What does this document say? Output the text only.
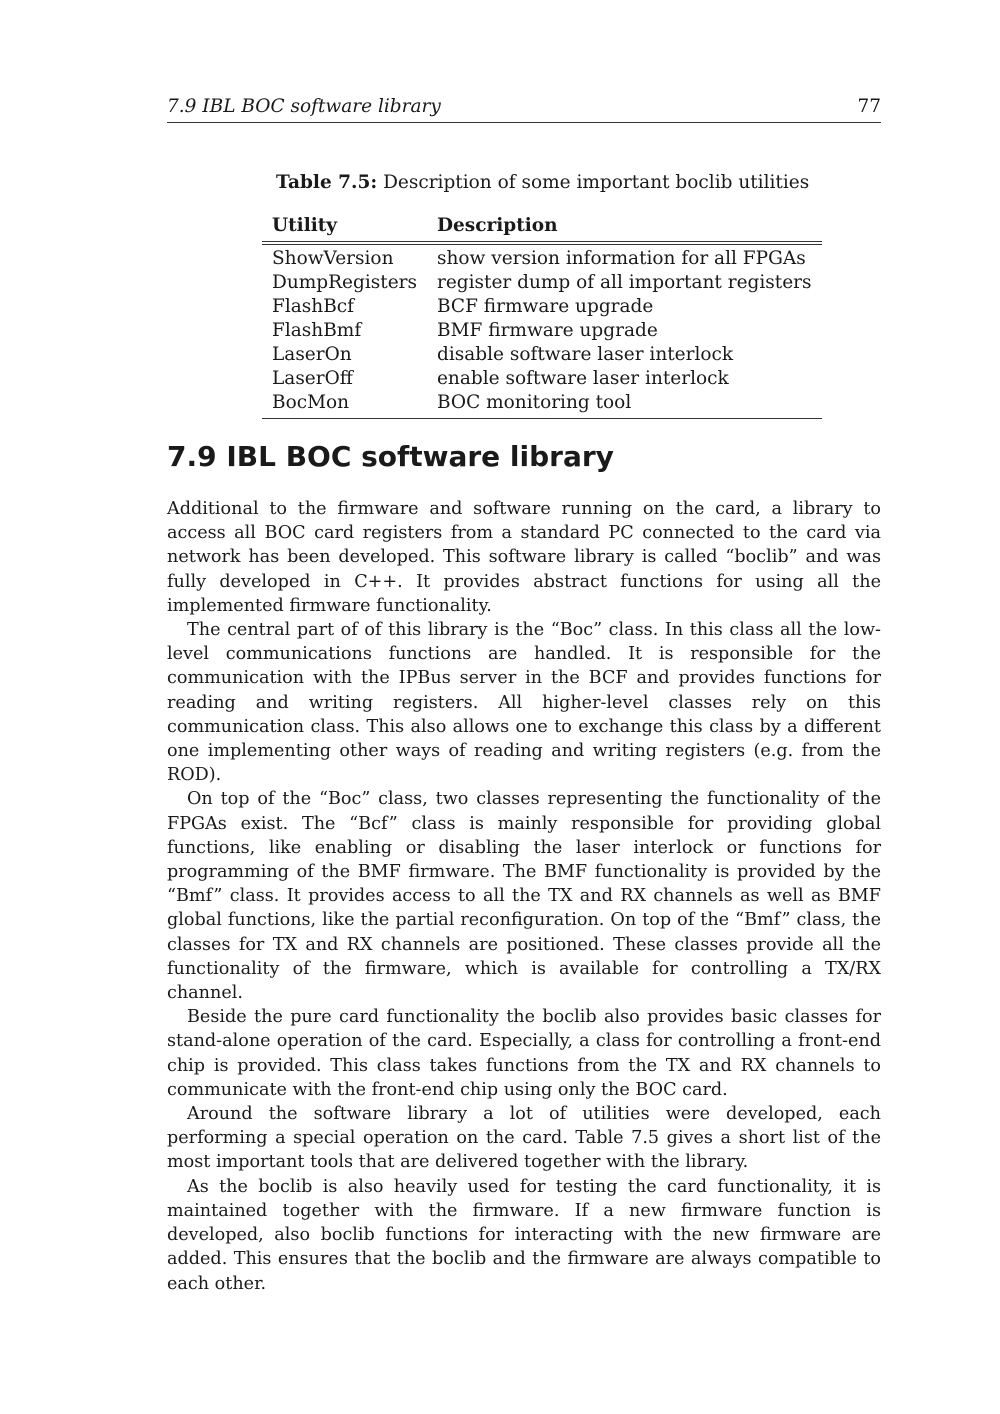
7.9 IBL BOC software library	77
Table 7.5: Description of some important boclib utilities
Utility	Description
ShowVersion	show version information for all FPGAs
DumpRegisters	register dump of all important registers
FlashBcf	BCF firmware upgrade
FlashBmf	BMF firmware upgrade
LaserOn	disable software laser interlock
LaserOff	enable software laser interlock
BocMon	BOC monitoring tool
7.9 IBL BOC software library

Additional to the firmware and software running on the card, a library to access all BOC card registers from a standard PC connected to the card via network has been developed. This software library is called “boclib” and was fully developed in C++. It provides abstract functions for using all the implemented firmware functionality.

The central part of of this library is the “Boc” class. In this class all the low-level communications functions are handled. It is responsible for the communication with the IPBus server in the BCF and provides functions for reading and writing registers. All higher-level classes rely on this communication class. This also allows one to exchange this class by a different one implementing other ways of reading and writing registers (e.g. from the ROD).

On top of the “Boc” class, two classes representing the functionality of the FPGAs exist. The “Bcf” class is mainly responsible for providing global functions, like enabling or disabling the laser interlock or functions for programming of the BMF firmware. The BMF functionality is provided by the “Bmf” class. It provides access to all the TX and RX channels as well as BMF global functions, like the partial reconfiguration. On top of the “Bmf” class, the classes for TX and RX channels are positioned. These classes provide all the functionality of the firmware, which is available for controlling a TX/RX channel.

Beside the pure card functionality the boclib also provides basic classes for stand-alone operation of the card. Especially, a class for controlling a front-end chip is provided. This class takes functions from the TX and RX channels to communicate with the front-end chip using only the BOC card.

Around the software library a lot of utilities were developed, each performing a special operation on the card. Table 7.5 gives a short list of the most important tools that are delivered together with the library.

As the boclib is also heavily used for testing the card functionality, it is maintained together with the firmware. If a new firmware function is developed, also boclib functions for interacting with the new firmware are added. This ensures that the boclib and the firmware are always compatible to each other.
